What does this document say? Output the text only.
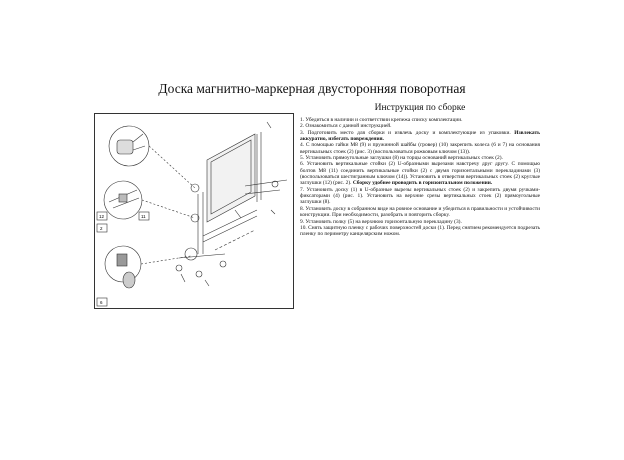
Доска магнитно-маркерная двусторонняя поворотная
12	11
2
6
Инструкция по сборке

1. Убедиться в наличии и соответствии крепежа списку комплектации.

2. Ознакомиться с данной инструкцией.

3. Подготовить место для сборки и извлечь доску и комплектующие из упаковки. Извлекать аккуратно, избегать повреждения.

4. С помощью гайки М8 (9) и пружинной шайбы (гровер) (10) закрепить колеса (6 и 7) на основания вертикальных стоек (2) (рис. 3) (воспользоваться рожковым ключом (13)).

5. Установить прямоугольные заглушки (8) на торцы оснований вертикальных стоек (2).

6. Установить вертикальные стойки (2) U-образными вырезами навстречу друг другу. С помощью болтов М8 (11) соединить вертикальные стойки (2) с двумя горизонтальными перекладинами (3) (воспользоваться шестигранным ключом (14)). Установить в отверстия вертикальных стоек (2) круглые заглушки (12) (рис. 2). Сборку удобнее проводить в горизонтальном положении.

7. Установить доску (1) в U-образные вырезы вертикальных стоек (2) и закрепить двумя ручками-фиксаторами (4) (рис. 1). Установить на верхние срезы вертикальных стоек (2) прямоугольные заглушки (8).

8. Установить доску в собранном виде на ровное основание и убедиться в правильности и устойчивости конструкции. При необходимости, разобрать и повторить сборку.

9. Установить полку (5) на верхнюю горизонтальную перекладину (3).

10. Снять защитную пленку с рабочих поверхностей доски (1). Перед снятием рекомендуется подрезать пленку по периметру канцелярским ножом.
